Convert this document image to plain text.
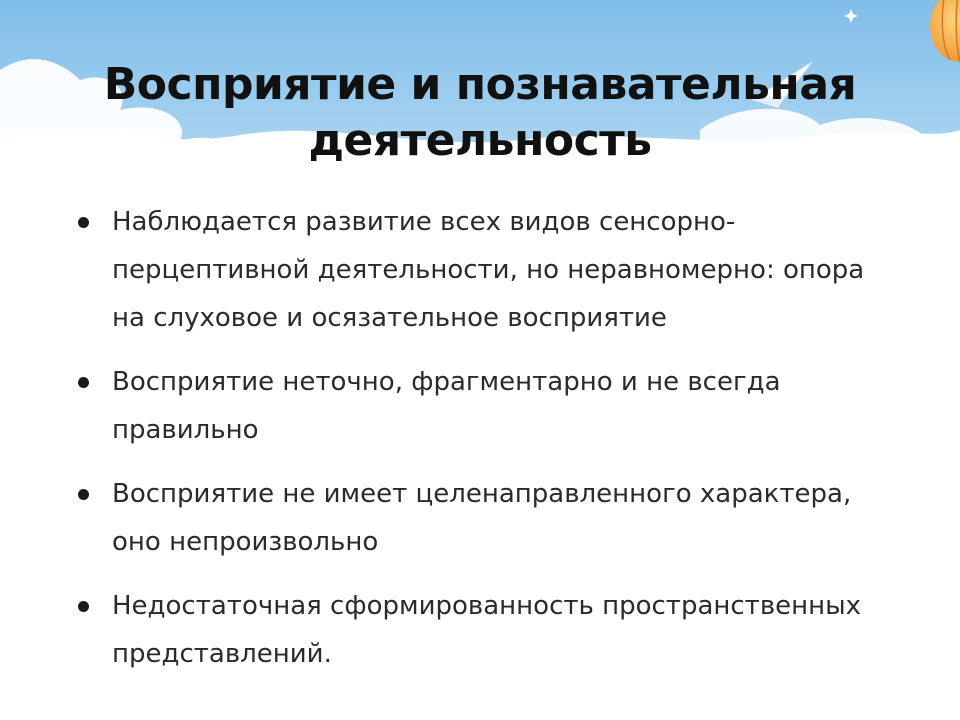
Восприятие и познавательная
деятельность
Наблюдается развитие всех видов сенсорно-перцептивной деятельности, но неравномерно: опора на слуховое и осязательное восприятие
Восприятие неточно, фрагментарно и не всегда правильно
Восприятие не имеет целенаправленного характера, оно непроизвольно
Недостаточная сформированность пространственных представлений.
